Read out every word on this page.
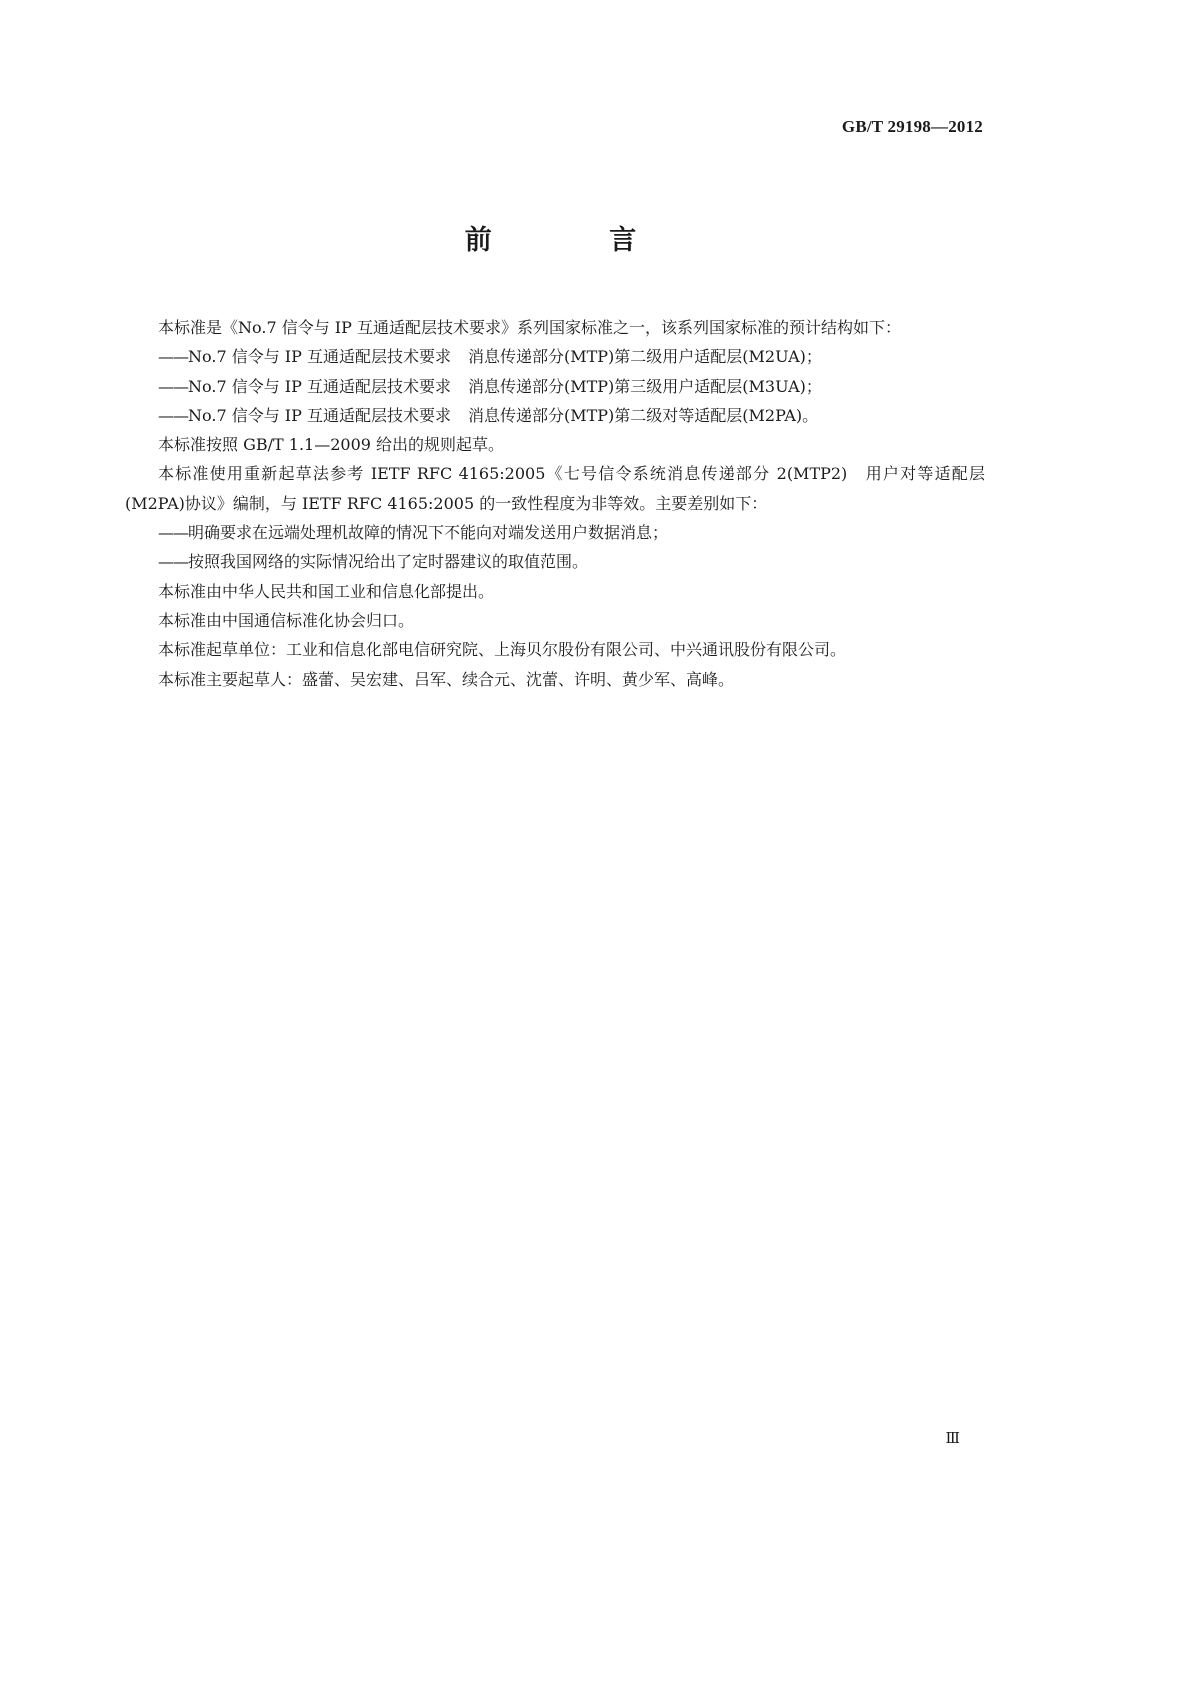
GB/T 29198—2012
前 言

本标准是《No.7 信令与 IP 互通适配层技术要求》系列国家标准之一，该系列国家标准的预计结构如下：

——No.7 信令与 IP 互通适配层技术要求 消息传递部分(MTP)第二级用户适配层(M2UA)；

——No.7 信令与 IP 互通适配层技术要求 消息传递部分(MTP)第三级用户适配层(M3UA)；

——No.7 信令与 IP 互通适配层技术要求 消息传递部分(MTP)第二级对等适配层(M2PA)。

本标准按照 GB/T 1.1—2009 给出的规则起草。

本标准使用重新起草法参考 IETF RFC 4165:2005《七号信令系统消息传递部分 2(MTP2)　用户对等适配层(M2PA)协议》编制，与 IETF RFC 4165:2005 的一致性程度为非等效。主要差别如下：

——明确要求在远端处理机故障的情况下不能向对端发送用户数据消息；

——按照我国网络的实际情况给出了定时器建议的取值范围。

本标准由中华人民共和国工业和信息化部提出。

本标准由中国通信标准化协会归口。

本标准起草单位：工业和信息化部电信研究院、上海贝尔股份有限公司、中兴通讯股份有限公司。

本标准主要起草人：盛蕾、吴宏建、吕军、续合元、沈蕾、许明、黄少军、高峰。

Ⅲ
